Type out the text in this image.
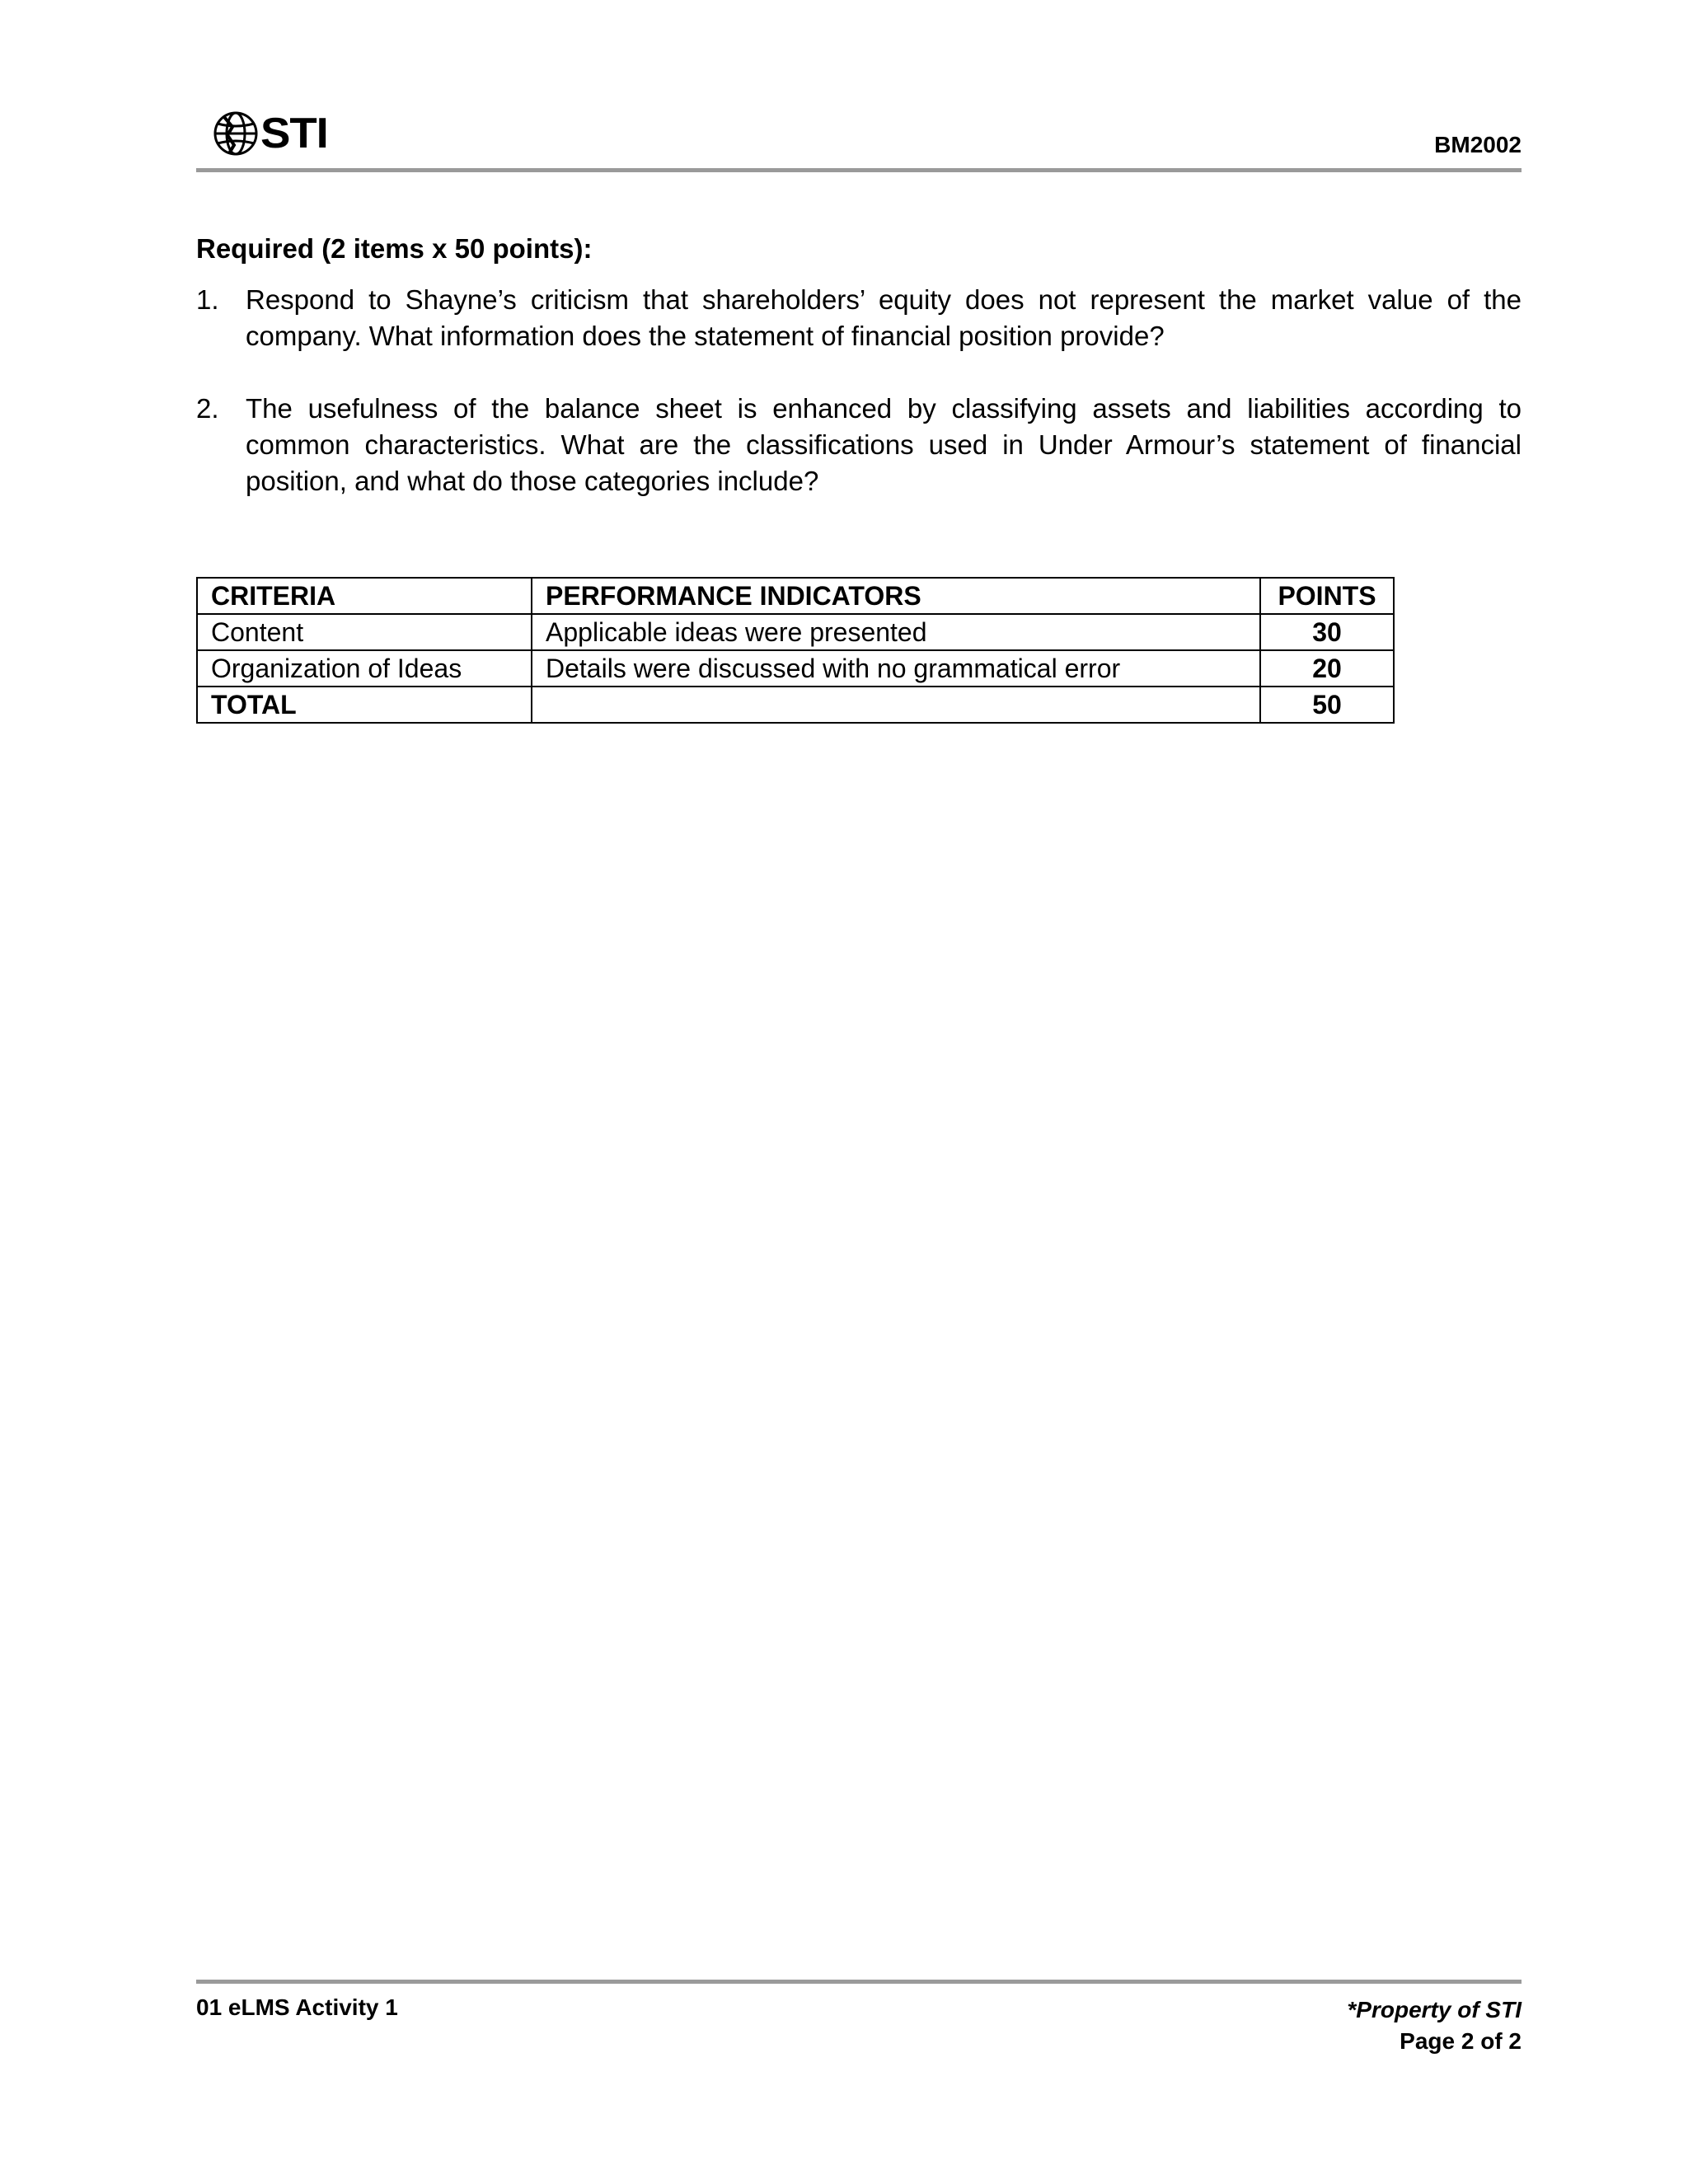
STI	BM2002
Required (2 items x 50 points):
1. Respond to Shayne’s criticism that shareholders’ equity does not represent the market value of the company. What information does the statement of financial position provide?
2. The usefulness of the balance sheet is enhanced by classifying assets and liabilities according to common characteristics. What are the classifications used in Under Armour’s statement of financial position, and what do those categories include?
CRITERIA	PERFORMANCE INDICATORS	POINTS
Content	Applicable ideas were presented	30
Organization of Ideas	Details were discussed with no grammatical error	20
TOTAL		50
01 eLMS Activity 1	*Property of STI
Page 2 of 2
